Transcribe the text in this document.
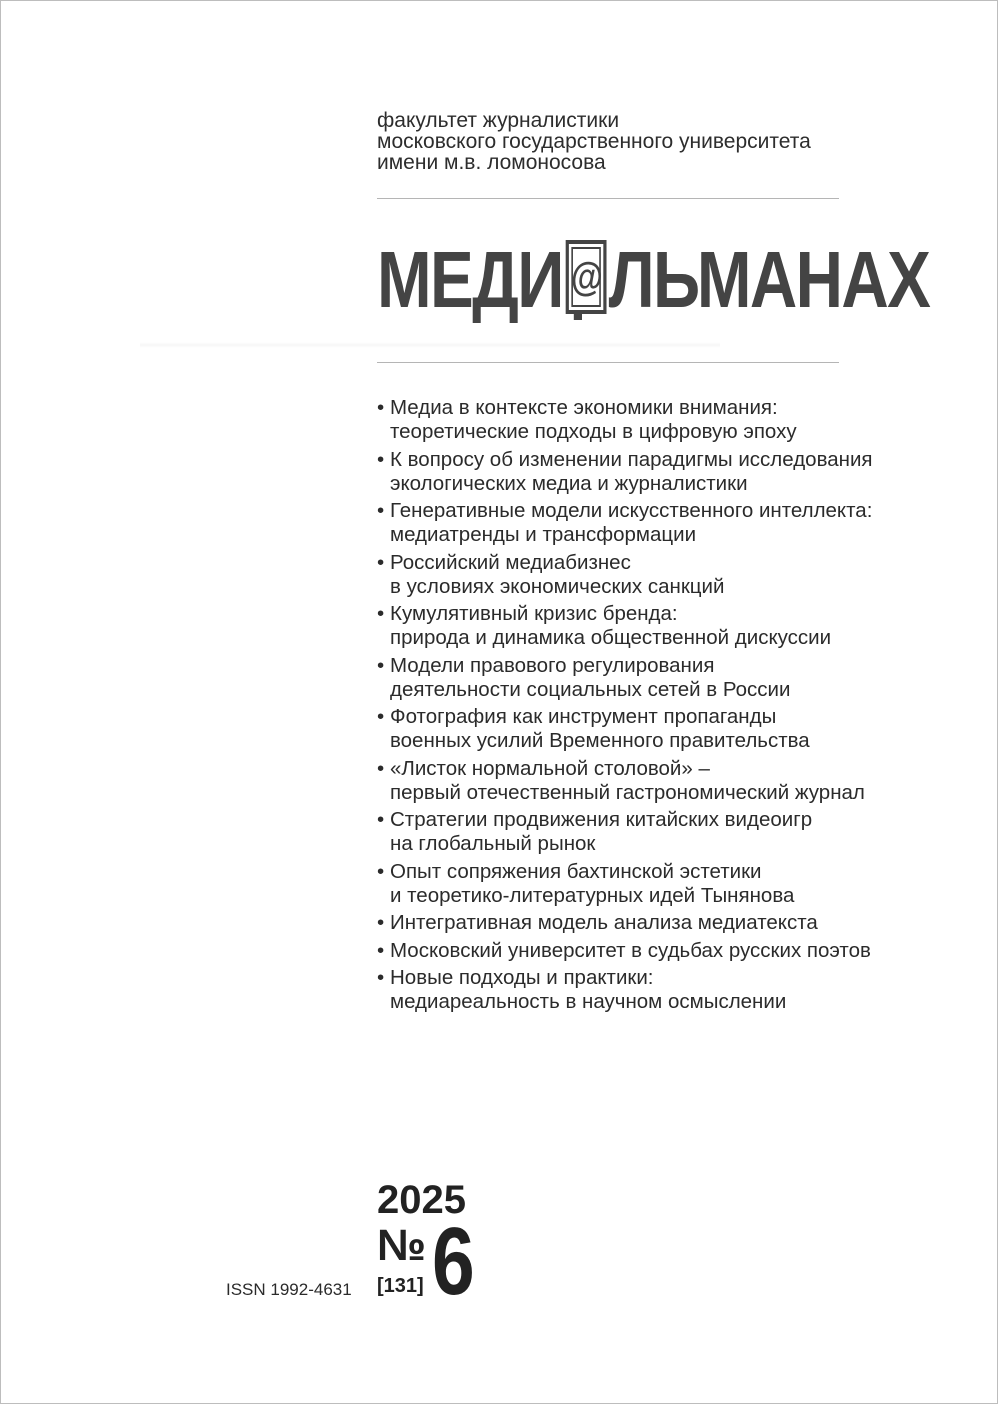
факультет журналистики
московского государственного университета
имени м.в. ломоносова
МЕДИ @ ЛЬМАНАХ
• Медиа в контексте экономики внимания:
теоретические подходы в цифровую эпоху
• К вопросу об изменении парадигмы исследования
экологических медиа и журналистики
• Генеративные модели искусственного интеллекта:
медиатренды и трансформации
• Российский медиабизнес
в условиях экономических санкций
• Кумулятивный кризис бренда:
природа и динамика общественной дискуссии
• Модели правового регулирования
деятельности социальных сетей в России
• Фотография как инструмент пропаганды
военных усилий Временного правительства
• «Листок нормальной столовой» –
первый отечественный гастрономический журнал
• Стратегии продвижения китайских видеоигр
на глобальный рынок
• Опыт сопряжения бахтинской эстетики
и теоретико-литературных идей Тынянова
• Интегративная модель анализа медиатекста
• Московский университет в судьбах русских поэтов
• Новые подходы и практики:
медиареальность в научном осмыслении
2025
№ 6
[131]
ISSN 1992-4631
